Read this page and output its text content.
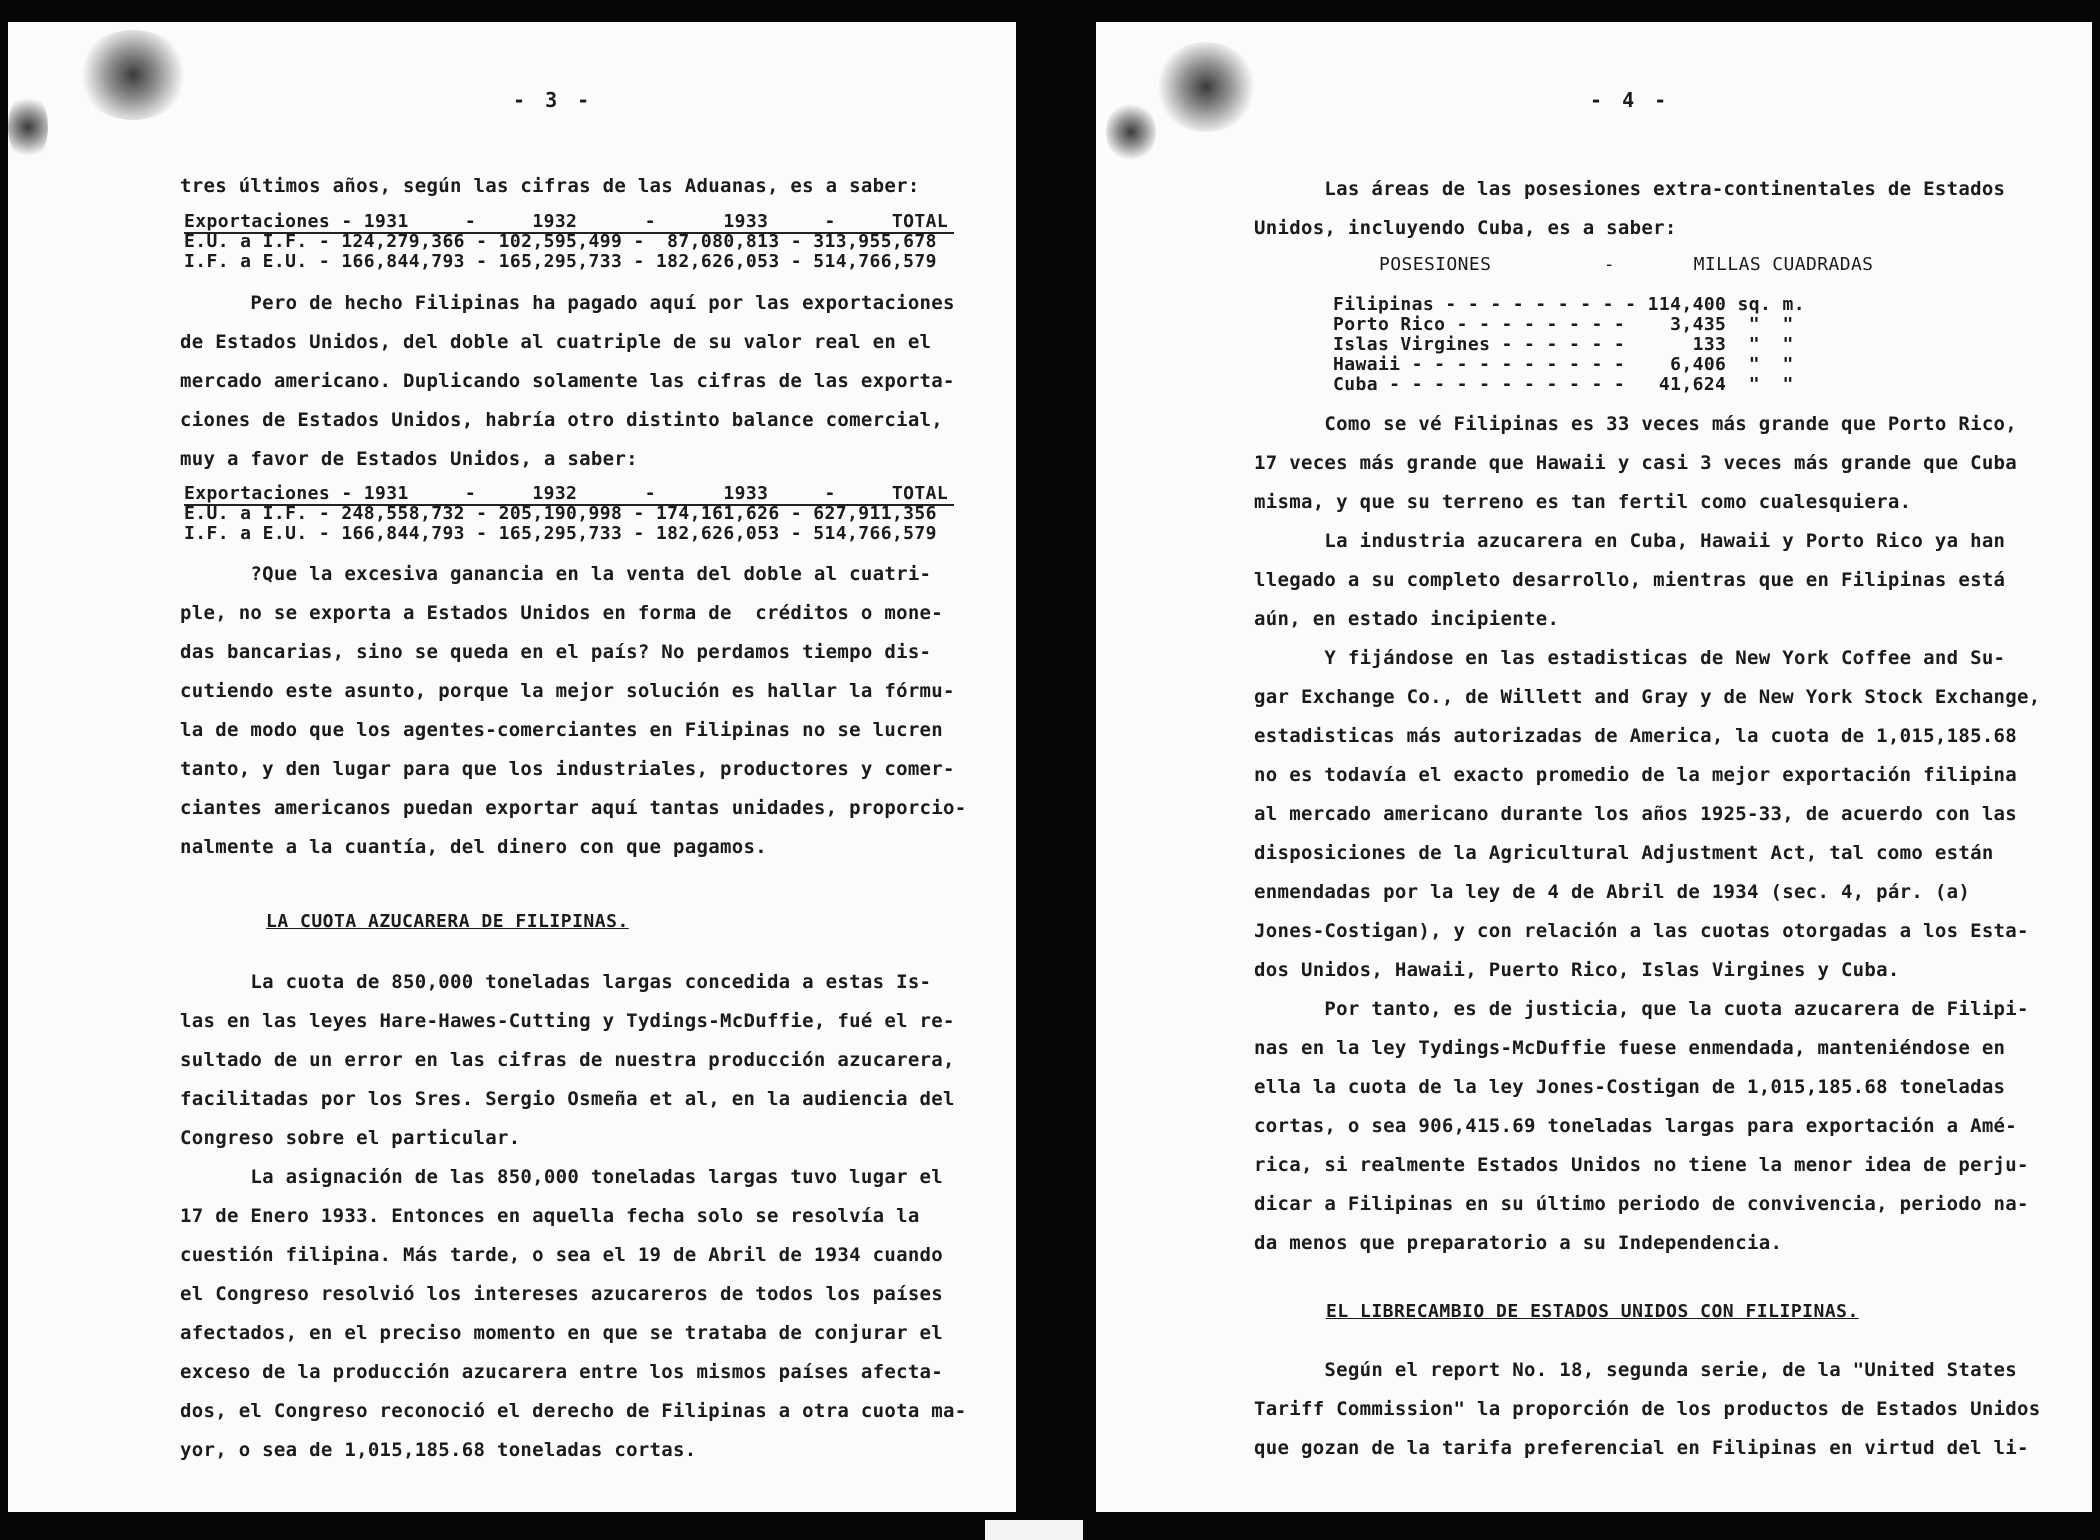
- 3 -
tres últimos años, según las cifras de las Aduanas, es a saber:
Exportaciones - 1931     -     1932      -      1933     -     TOTAL
E.U. a I.F. - 124,279,366 - 102,595,499 -  87,080,813 - 313,955,678
I.F. a E.U. - 166,844,793 - 165,295,733 - 182,626,053 - 514,766,579
Pero de hecho Filipinas ha pagado aquí por las exportaciones
de Estados Unidos, del doble al cuatriple de su valor real en el
mercado americano. Duplicando solamente las cifras de las exporta-
ciones de Estados Unidos, habría otro distinto balance comercial,
muy a favor de Estados Unidos, a saber:
Exportaciones - 1931     -     1932      -      1933     -     TOTAL
E.U. a I.F. - 248,558,732 - 205,190,998 - 174,161,626 - 627,911,356
I.F. a E.U. - 166,844,793 - 165,295,733 - 182,626,053 - 514,766,579
?Que la excesiva ganancia en la venta del doble al cuatri-
ple, no se exporta a Estados Unidos en forma de  créditos o mone-
das bancarias, sino se queda en el país? No perdamos tiempo dis-
cutiendo este asunto, porque la mejor solución es hallar la fórmu-
la de modo que los agentes-comerciantes en Filipinas no se lucren
tanto, y den lugar para que los industriales, productores y comer-
ciantes americanos puedan exportar aquí tantas unidades, proporcio-
nalmente a la cuantía, del dinero con que pagamos.
LA CUOTA AZUCARERA DE FILIPINAS.
La cuota de 850,000 toneladas largas concedida a estas Is-
las en las leyes Hare-Hawes-Cutting y Tydings-McDuffie, fué el re-
sultado de un error en las cifras de nuestra producción azucarera,
facilitadas por los Sres. Sergio Osmeña et al, en la audiencia del
Congreso sobre el particular.
La asignación de las 850,000 toneladas largas tuvo lugar el
17 de Enero 1933. Entonces en aquella fecha solo se resolvía la
cuestión filipina. Más tarde, o sea el 19 de Abril de 1934 cuando
el Congreso resolvió los intereses azucareros de todos los países
afectados, en el preciso momento en que se trataba de conjurar el
exceso de la producción azucarera entre los mismos países afecta-
dos, el Congreso reconoció el derecho de Filipinas a otra cuota ma-
yor, o sea de 1,015,185.68 toneladas cortas.
- 4 -
Las áreas de las posesiones extra-continentales de Estados
Unidos, incluyendo Cuba, es a saber:
POSESIONES          -       MILLAS CUADRADAS
Filipinas - - - - - - - - - 114,400 sq. m.
Porto Rico - - - - - - - -    3,435  "  "
Islas Virgines - - - - - -      133  "  "
Hawaii - - - - - - - - - -    6,406  "  "
Cuba - - - - - - - - - - -   41,624  "  "
Como se vé Filipinas es 33 veces más grande que Porto Rico,
17 veces más grande que Hawaii y casi 3 veces más grande que Cuba
misma, y que su terreno es tan fertil como cualesquiera.
La industria azucarera en Cuba, Hawaii y Porto Rico ya han
llegado a su completo desarrollo, mientras que en Filipinas está
aún, en estado incipiente.
Y fijándose en las estadisticas de New York Coffee and Su-
gar Exchange Co., de Willett and Gray y de New York Stock Exchange,
estadisticas más autorizadas de America, la cuota de 1,015,185.68
no es todavía el exacto promedio de la mejor exportación filipina
al mercado americano durante los años 1925-33, de acuerdo con las
disposiciones de la Agricultural Adjustment Act, tal como están
enmendadas por la ley de 4 de Abril de 1934 (sec. 4, pár. (a)
Jones-Costigan), y con relación a las cuotas otorgadas a los Esta-
dos Unidos, Hawaii, Puerto Rico, Islas Virgines y Cuba.
Por tanto, es de justicia, que la cuota azucarera de Filipi-
nas en la ley Tydings-McDuffie fuese enmendada, manteniéndose en
ella la cuota de la ley Jones-Costigan de 1,015,185.68 toneladas
cortas, o sea 906,415.69 toneladas largas para exportación a Amé-
rica, si realmente Estados Unidos no tiene la menor idea de perju-
dicar a Filipinas en su último periodo de convivencia, periodo na-
da menos que preparatorio a su Independencia.
EL LIBRECAMBIO DE ESTADOS UNIDOS CON FILIPINAS.
Según el report No. 18, segunda serie, de la "United States
Tariff Commission" la proporción de los productos de Estados Unidos
que gozan de la tarifa preferencial en Filipinas en virtud del li-
